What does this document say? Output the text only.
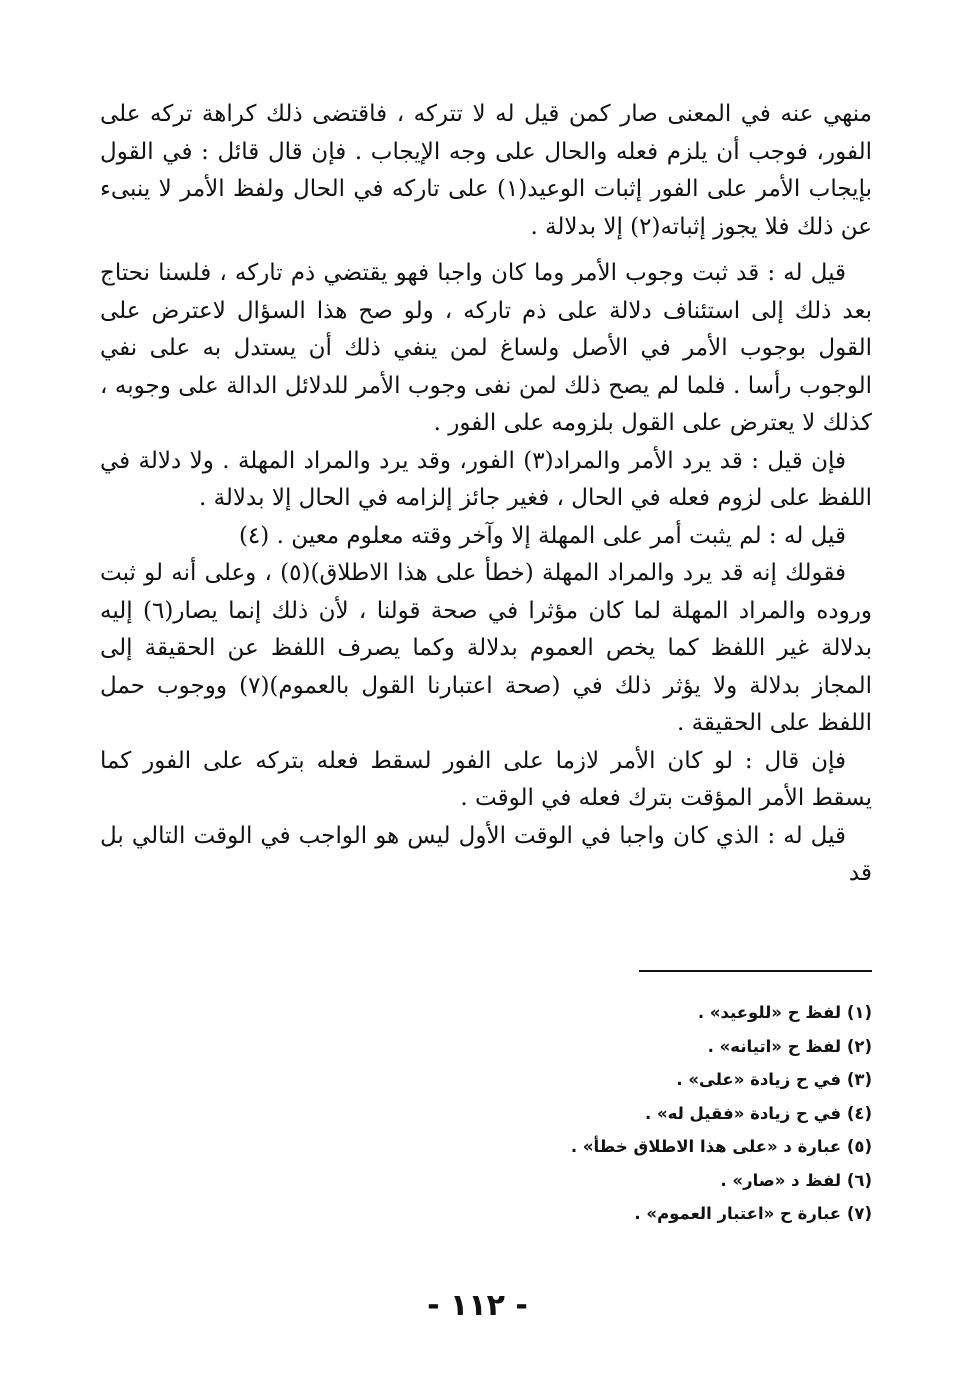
منهي عنه في المعنى صار كمن قيل له لا تتركه ، فاقتضى ذلك كراهة تركه على الفور، فوجب أن يلزم فعله والحال على وجه الإيجاب . فإن قال قائل : في القول بإيجاب الأمر على الفور إثبات الوعيد(١) على تاركه في الحال ولفظ الأمر لا ينبىء عن ذلك فلا يجوز إثباته(٢) إلا بدلالة .

قيل له : قد ثبت وجوب الأمر وما كان واجبا فهو يقتضي ذم تاركه ، فلسنا نحتاج بعد ذلك إلى استئناف دلالة على ذم تاركه ، ولو صح هذا السؤال لاعترض على القول بوجوب الأمر في الأصل ولساغ لمن ينفي ذلك أن يستدل به على نفي الوجوب رأسا . فلما لم يصح ذلك لمن نفى وجوب الأمر للدلائل الدالة على وجوبه ، كذلك لا يعترض على القول بلزومه على الفور .

فإن قيل : قد يرد الأمر والمراد(٣) الفور، وقد يرد والمراد المهلة . ولا دلالة في اللفظ على لزوم فعله في الحال ، فغير جائز إلزامه في الحال إلا بدلالة .

قيل له : لم يثبت أمر على المهلة إلا وآخر وقته معلوم معين . (٤)

فقولك إنه قد يرد والمراد المهلة (خطأ على هذا الاطلاق)(٥) ، وعلى أنه لو ثبت وروده والمراد المهلة لما كان مؤثرا في صحة قولنا ، لأن ذلك إنما يصار(٦) إليه بدلالة غير اللفظ كما يخص العموم بدلالة وكما يصرف اللفظ عن الحقيقة إلى المجاز بدلالة ولا يؤثر ذلك في (صحة اعتبارنا القول بالعموم)(٧) ووجوب حمل اللفظ على الحقيقة .

فإن قال : لو كان الأمر لازما على الفور لسقط فعله بتركه على الفور كما يسقط الأمر المؤقت بترك فعله في الوقت .

قيل له : الذي كان واجبا في الوقت الأول ليس هو الواجب في الوقت التالي بل قد

(١) لفظ ح «للوعيد» .
(٢) لفظ ح «اتيانه» .
(٣) في ح زيادة «على» .
(٤) في ح زيادة «فقيل له» .
(٥) عبارة د «على هذا الاطلاق خطأ» .
(٦) لفظ د «صار» .
(٧) عبارة ح «اعتبار العموم» .
- ١١٢ -
